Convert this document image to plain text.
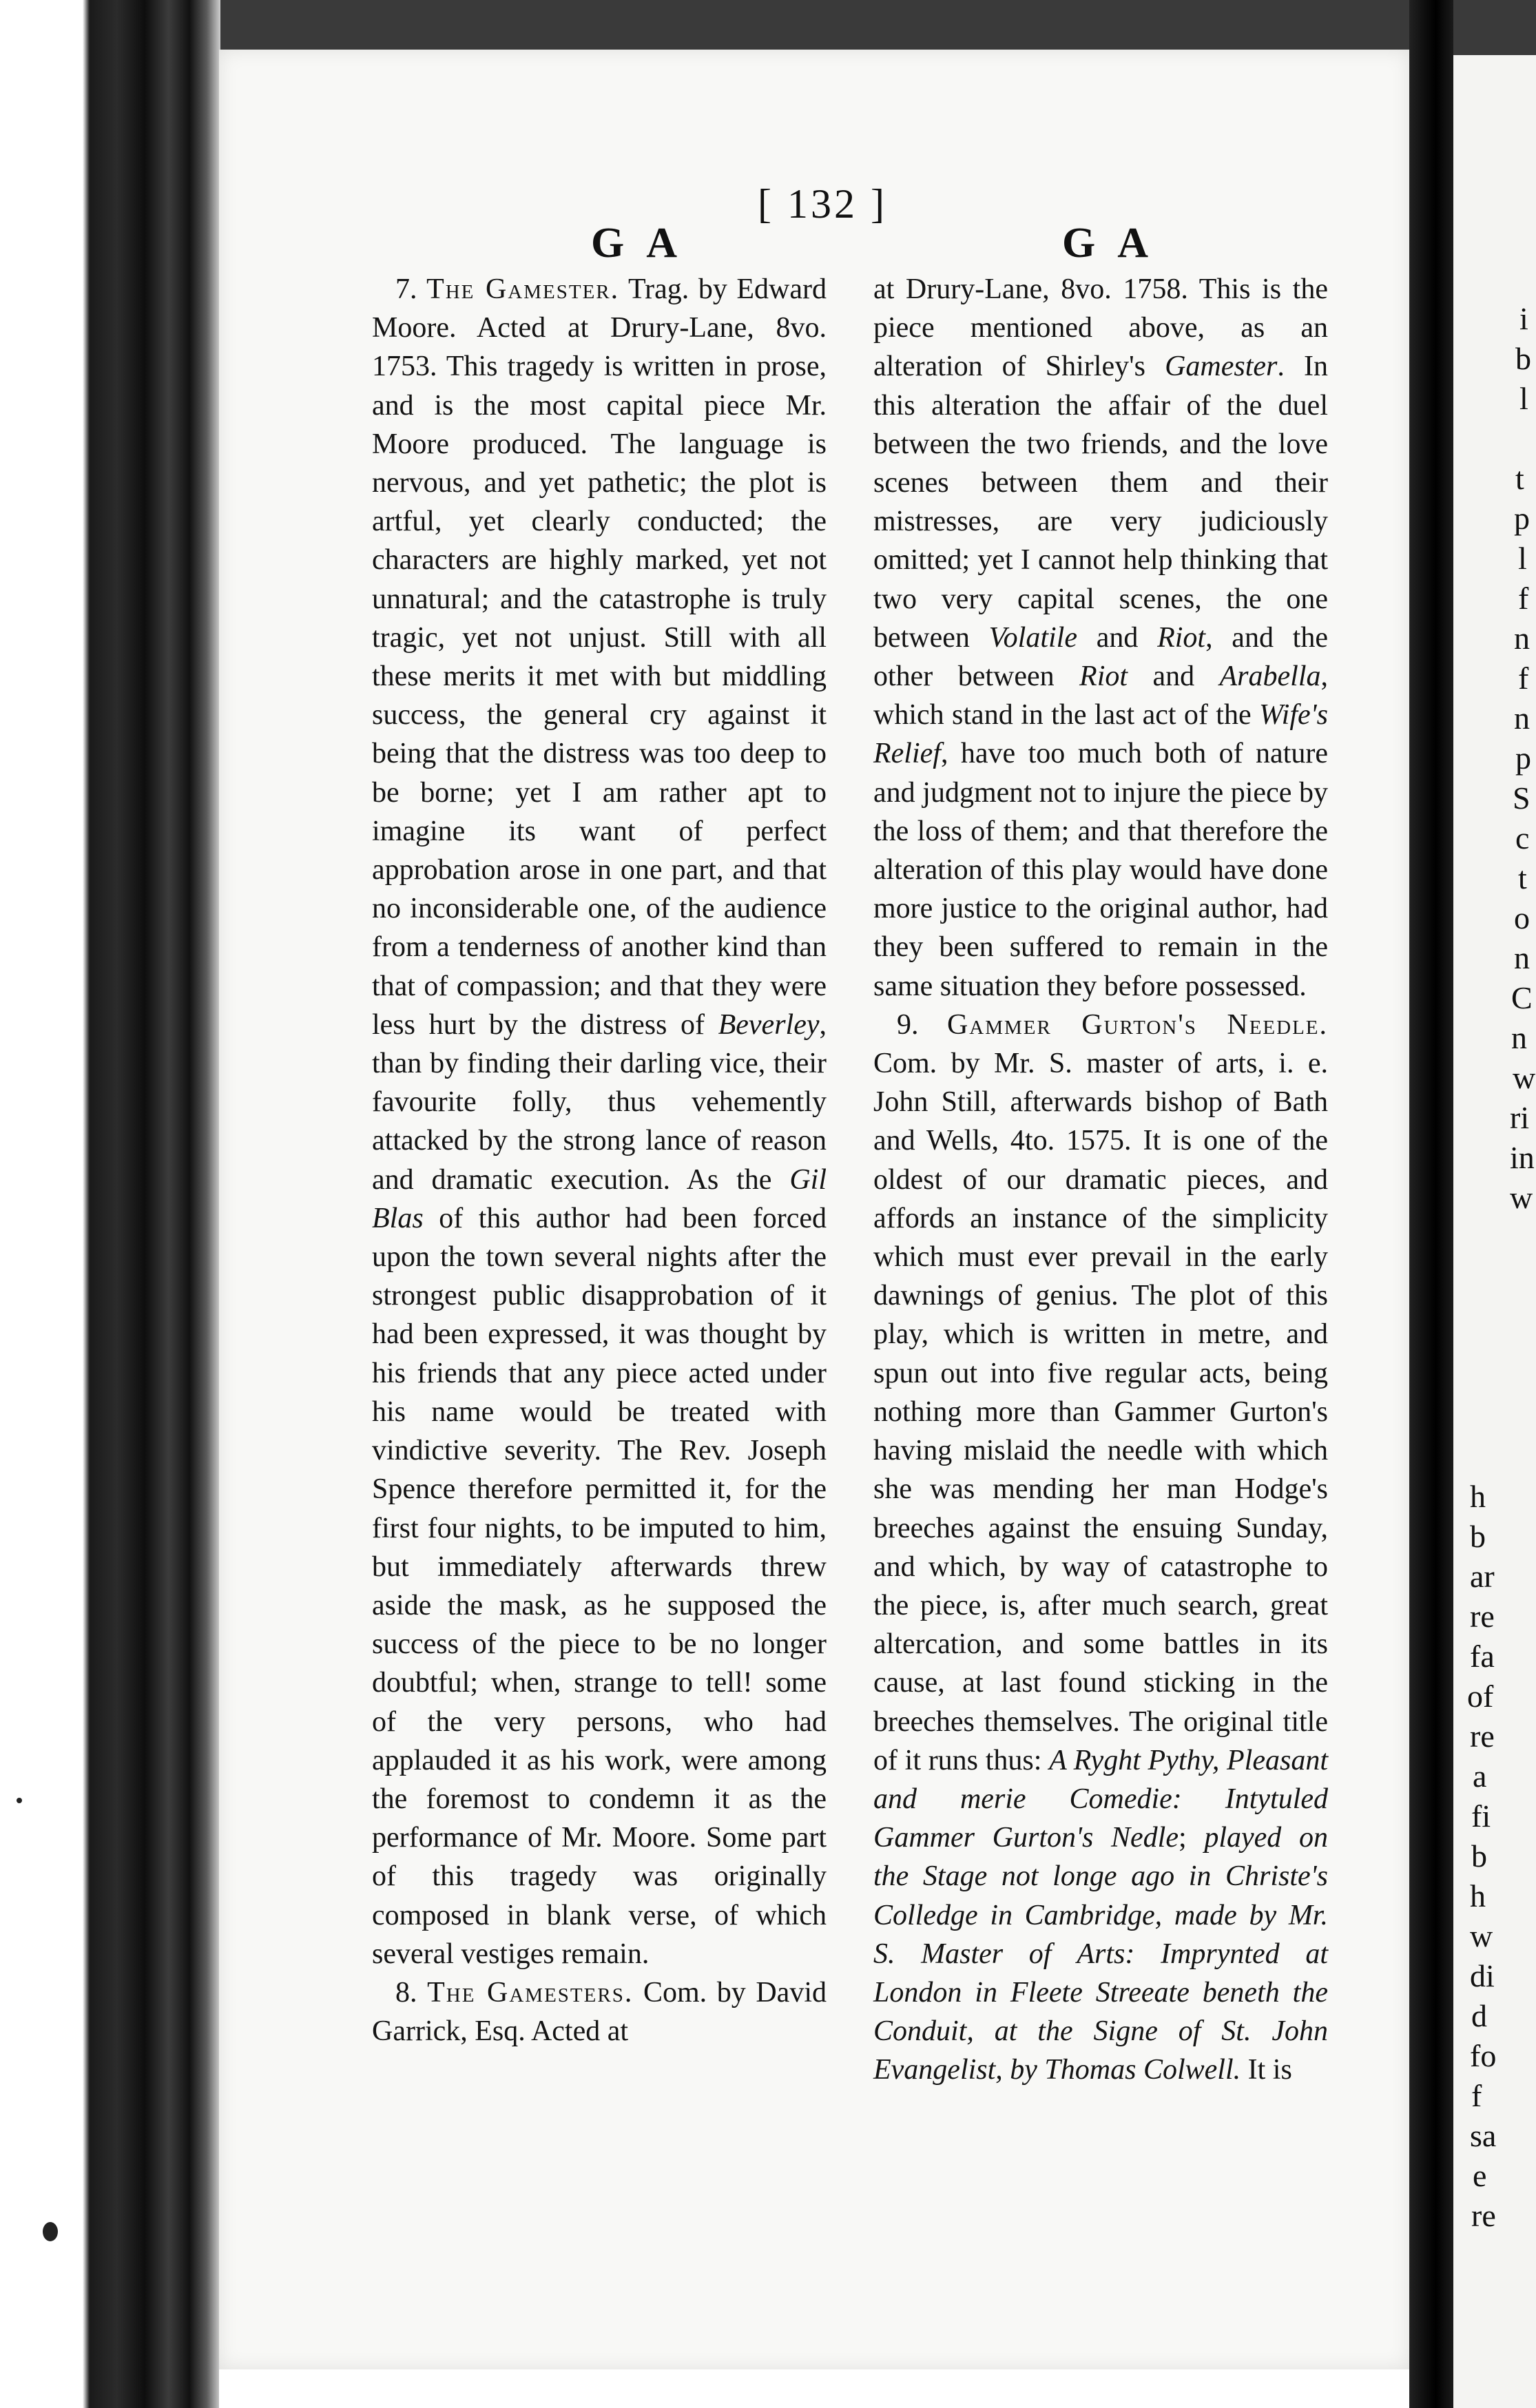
i
b
l
t
p
l
f
n
f
n
p
S
c
t
o
n
C
n
w
ri
in
w
h
b
ar
re
fa
of
re
a
fi
b
h
w
di
d
fo
f
sa
e
re
[ 132 ]
G A	G A

7. The Gamester. Trag. by Edward Moore. Acted at Drury-Lane, 8vo. 1753. This tragedy is written in prose, and is the most capital piece Mr. Moore produced. The language is nervous, and yet pathetic; the plot is artful, yet clearly conducted; the characters are highly marked, yet not unnatural; and the catastrophe is truly tragic, yet not unjust. Still with all these merits it met with but middling success, the general cry against it being that the distress was too deep to be borne; yet I am rather apt to imagine its want of perfect approbation arose in one part, and that no inconsiderable one, of the audience from a tenderness of another kind than that of compassion; and that they were less hurt by the distress of Beverley, than by finding their darling vice, their favourite folly, thus vehemently attacked by the strong lance of reason and dramatic execution. As the Gil Blas of this author had been forced upon the town several nights after the strongest public disapprobation of it had been expressed, it was thought by his friends that any piece acted under his name would be treated with vindictive severity. The Rev. Joseph Spence therefore permitted it, for the first four nights, to be imputed to him, but immediately afterwards threw aside the mask, as he supposed the success of the piece to be no longer doubtful; when, strange to tell! some of the very persons, who had applauded it as his work, were among the foremost to condemn it as the performance of Mr. Moore. Some part of this tragedy was originally composed in blank verse, of which several vestiges remain.

8. The Gamesters. Com. by David Garrick, Esq. Acted at

at Drury-Lane, 8vo. 1758. This is the piece mentioned above, as an alteration of Shirley's Gamester. In this alteration the affair of the duel between the two friends, and the love scenes between them and their mistresses, are very judiciously omitted; yet I cannot help thinking that two very capital scenes, the one between Volatile and Riot, and the other between Riot and Arabella, which stand in the last act of the Wife's Relief, have too much both of nature and judgment not to injure the piece by the loss of them; and that therefore the alteration of this play would have done more justice to the original author, had they been suffered to remain in the same situation they before possessed.

9. Gammer Gurton's Needle. Com. by Mr. S. master of arts, i. e. John Still, afterwards bishop of Bath and Wells, 4to. 1575. It is one of the oldest of our dramatic pieces, and affords an instance of the simplicity which must ever prevail in the early dawnings of genius. The plot of this play, which is written in metre, and spun out into five regular acts, being nothing more than Gammer Gurton's having mislaid the needle with which she was mending her man Hodge's breeches against the ensuing Sunday, and which, by way of catastrophe to the piece, is, after much search, great altercation, and some battles in its cause, at last found sticking in the breeches themselves. The original title of it runs thus: A Ryght Pythy, Pleasant and merie Comedie: Intytuled Gammer Gurton's Nedle; played on the Stage not longe ago in Christe's Colledge in Cambridge, made by Mr. S. Master of Arts: Imprynted at London in Fleete Streeate beneth the Conduit, at the Signe of St. John Evangelist, by Thomas Colwell. It is
